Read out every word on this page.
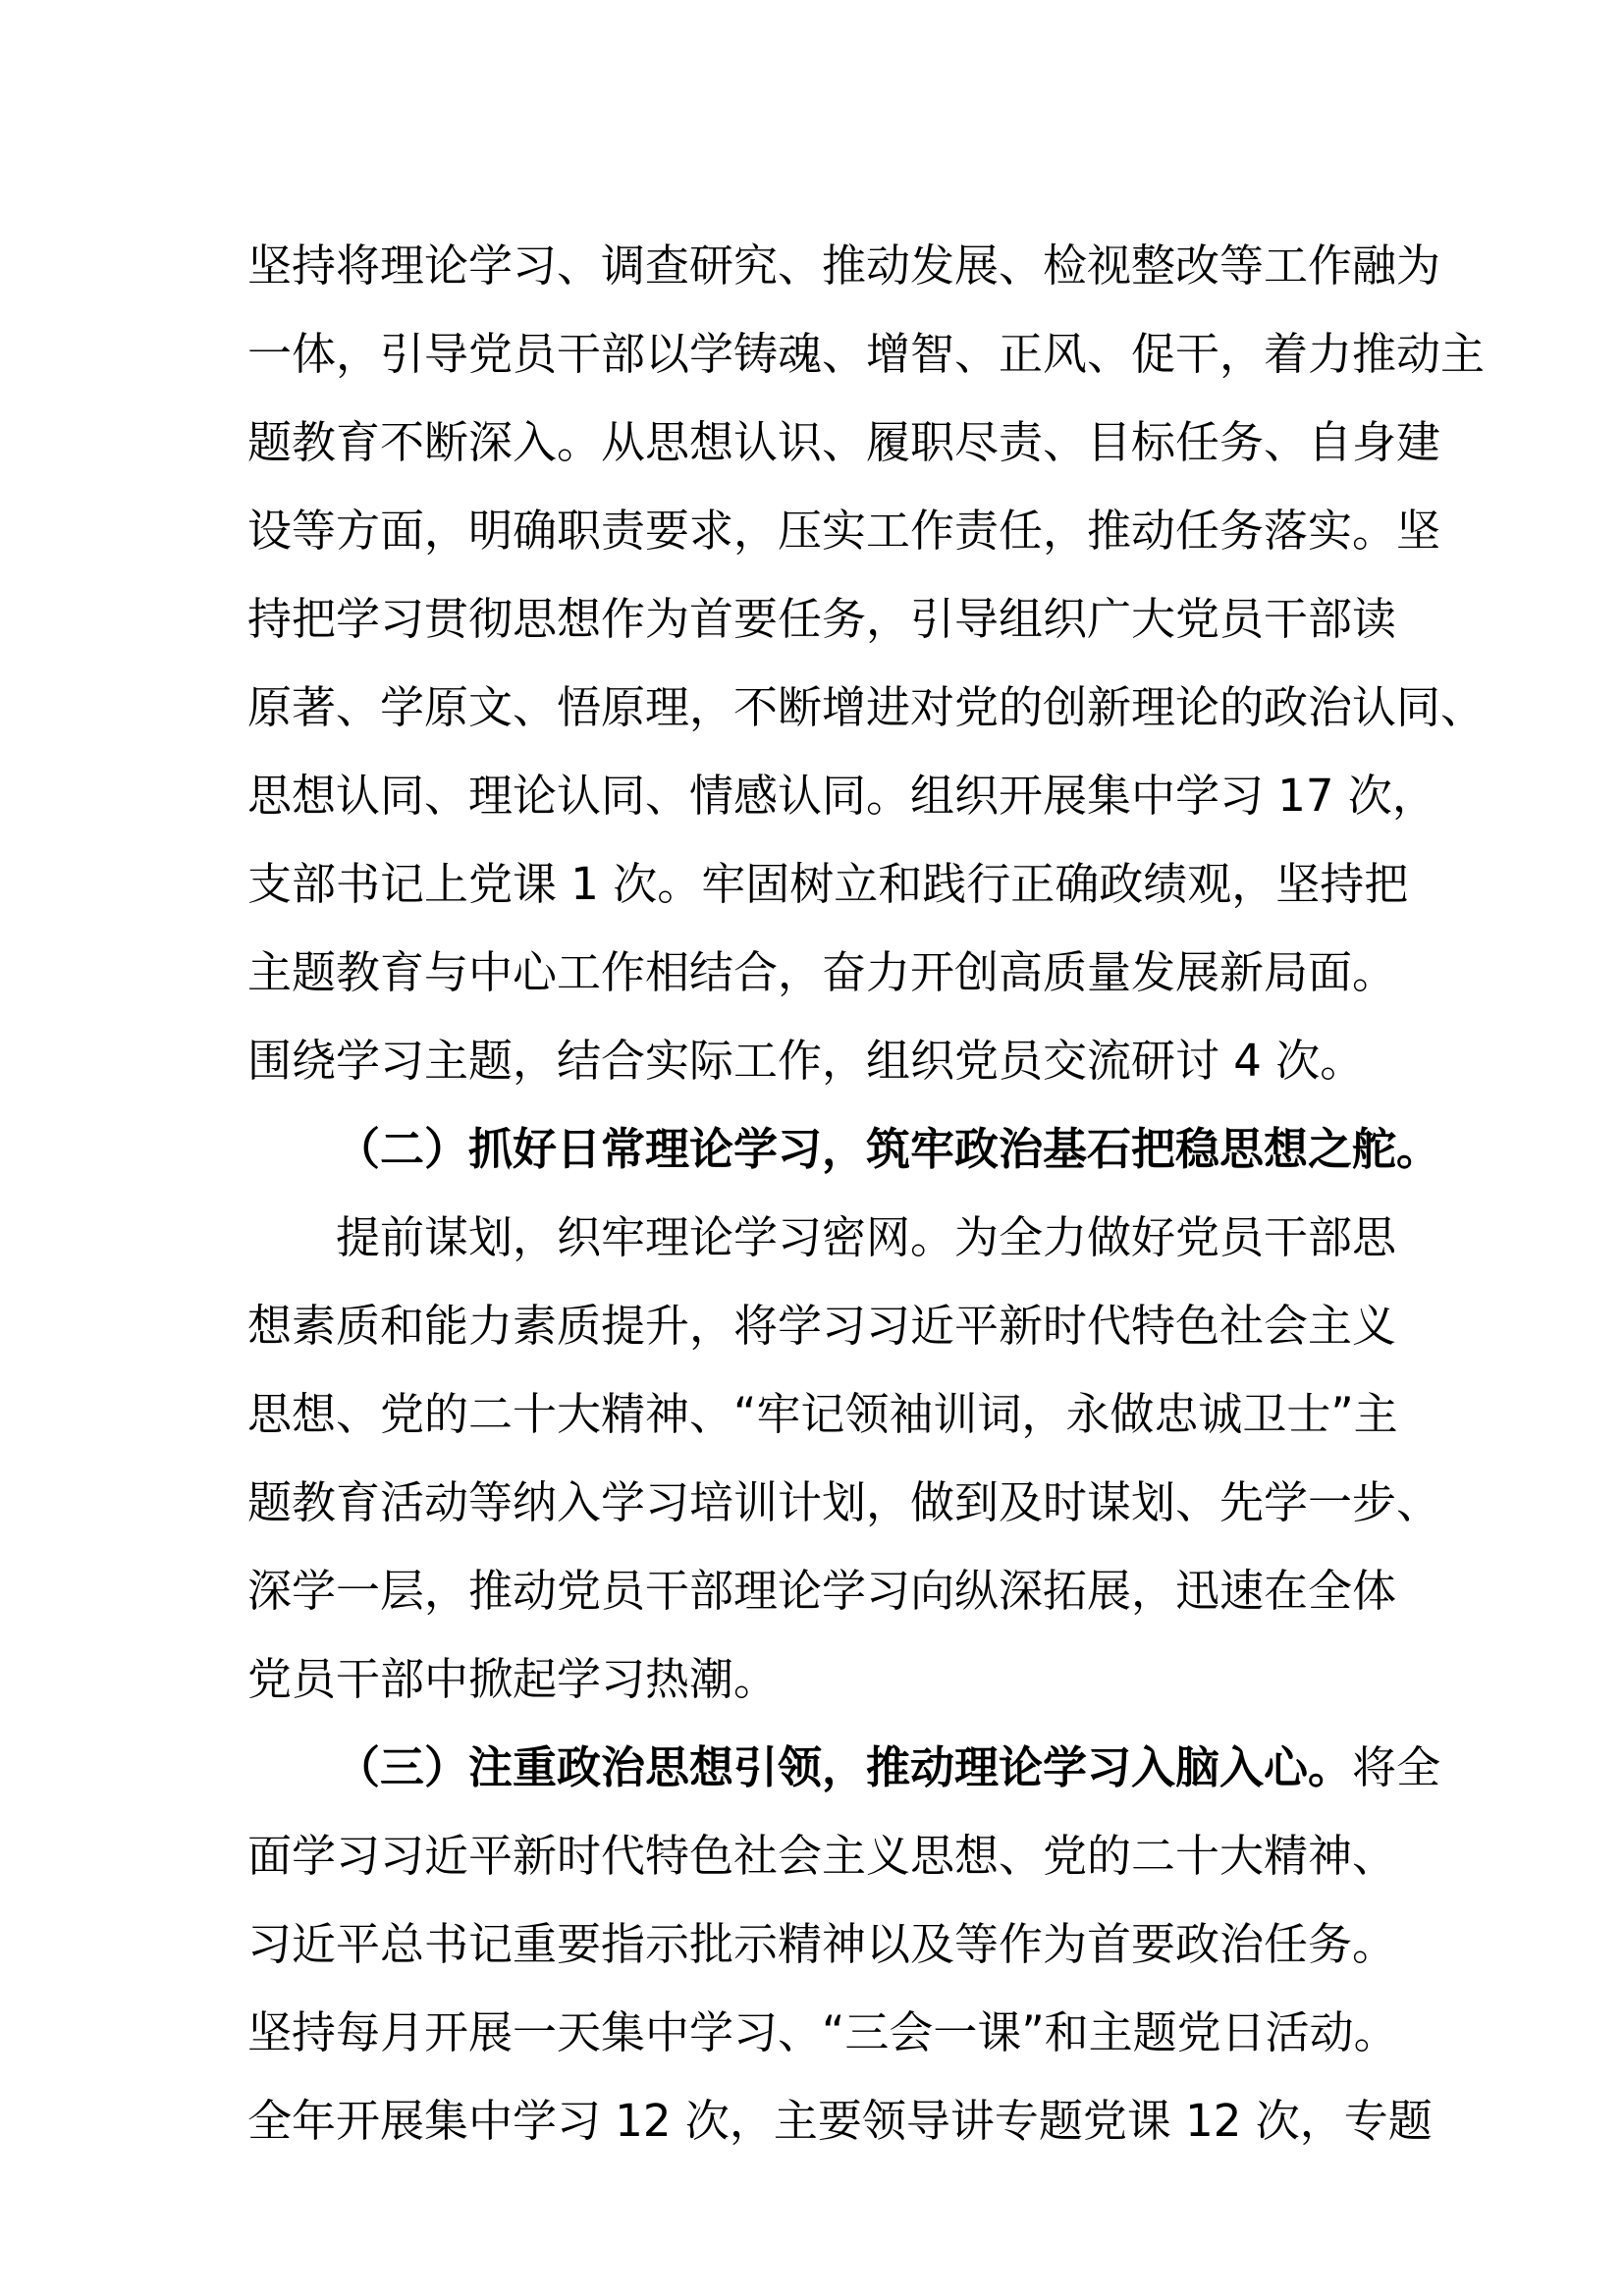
坚持将理论学习、调查研究、推动发展、检视整改等工作融为
一体，引导党员干部以学铸魂、增智、正风、促干，着力推动主
题教育不断深入。从思想认识、履职尽责、目标任务、自身建
设等方面，明确职责要求，压实工作责任，推动任务落实。坚
持把学习贯彻思想作为首要任务，引导组织广大党员干部读
原著、学原文、悟原理，不断增进对党的创新理论的政治认同、
思想认同、理论认同、情感认同。组织开展集中学习 17 次，
支部书记上党课 1 次。牢固树立和践行正确政绩观，坚持把
主题教育与中心工作相结合，奋力开创高质量发展新局面。
围绕学习主题，结合实际工作，组织党员交流研讨 4 次。
（二）抓好日常理论学习，筑牢政治基石把稳思想之舵。
提前谋划，织牢理论学习密网。为全力做好党员干部思
想素质和能力素质提升，将学习习近平新时代特色社会主义
思想、党的二十大精神、“牢记领袖训词，永做忠诚卫士”主
题教育活动等纳入学习培训计划，做到及时谋划、先学一步、
深学一层，推动党员干部理论学习向纵深拓展，迅速在全体
党员干部中掀起学习热潮。
（三）注重政治思想引领，推动理论学习入脑入心。将全
面学习习近平新时代特色社会主义思想、党的二十大精神、
习近平总书记重要指示批示精神以及等作为首要政治任务。
坚持每月开展一天集中学习、“三会一课”和主题党日活动。
全年开展集中学习 12 次，主要领导讲专题党课 12 次，专题
